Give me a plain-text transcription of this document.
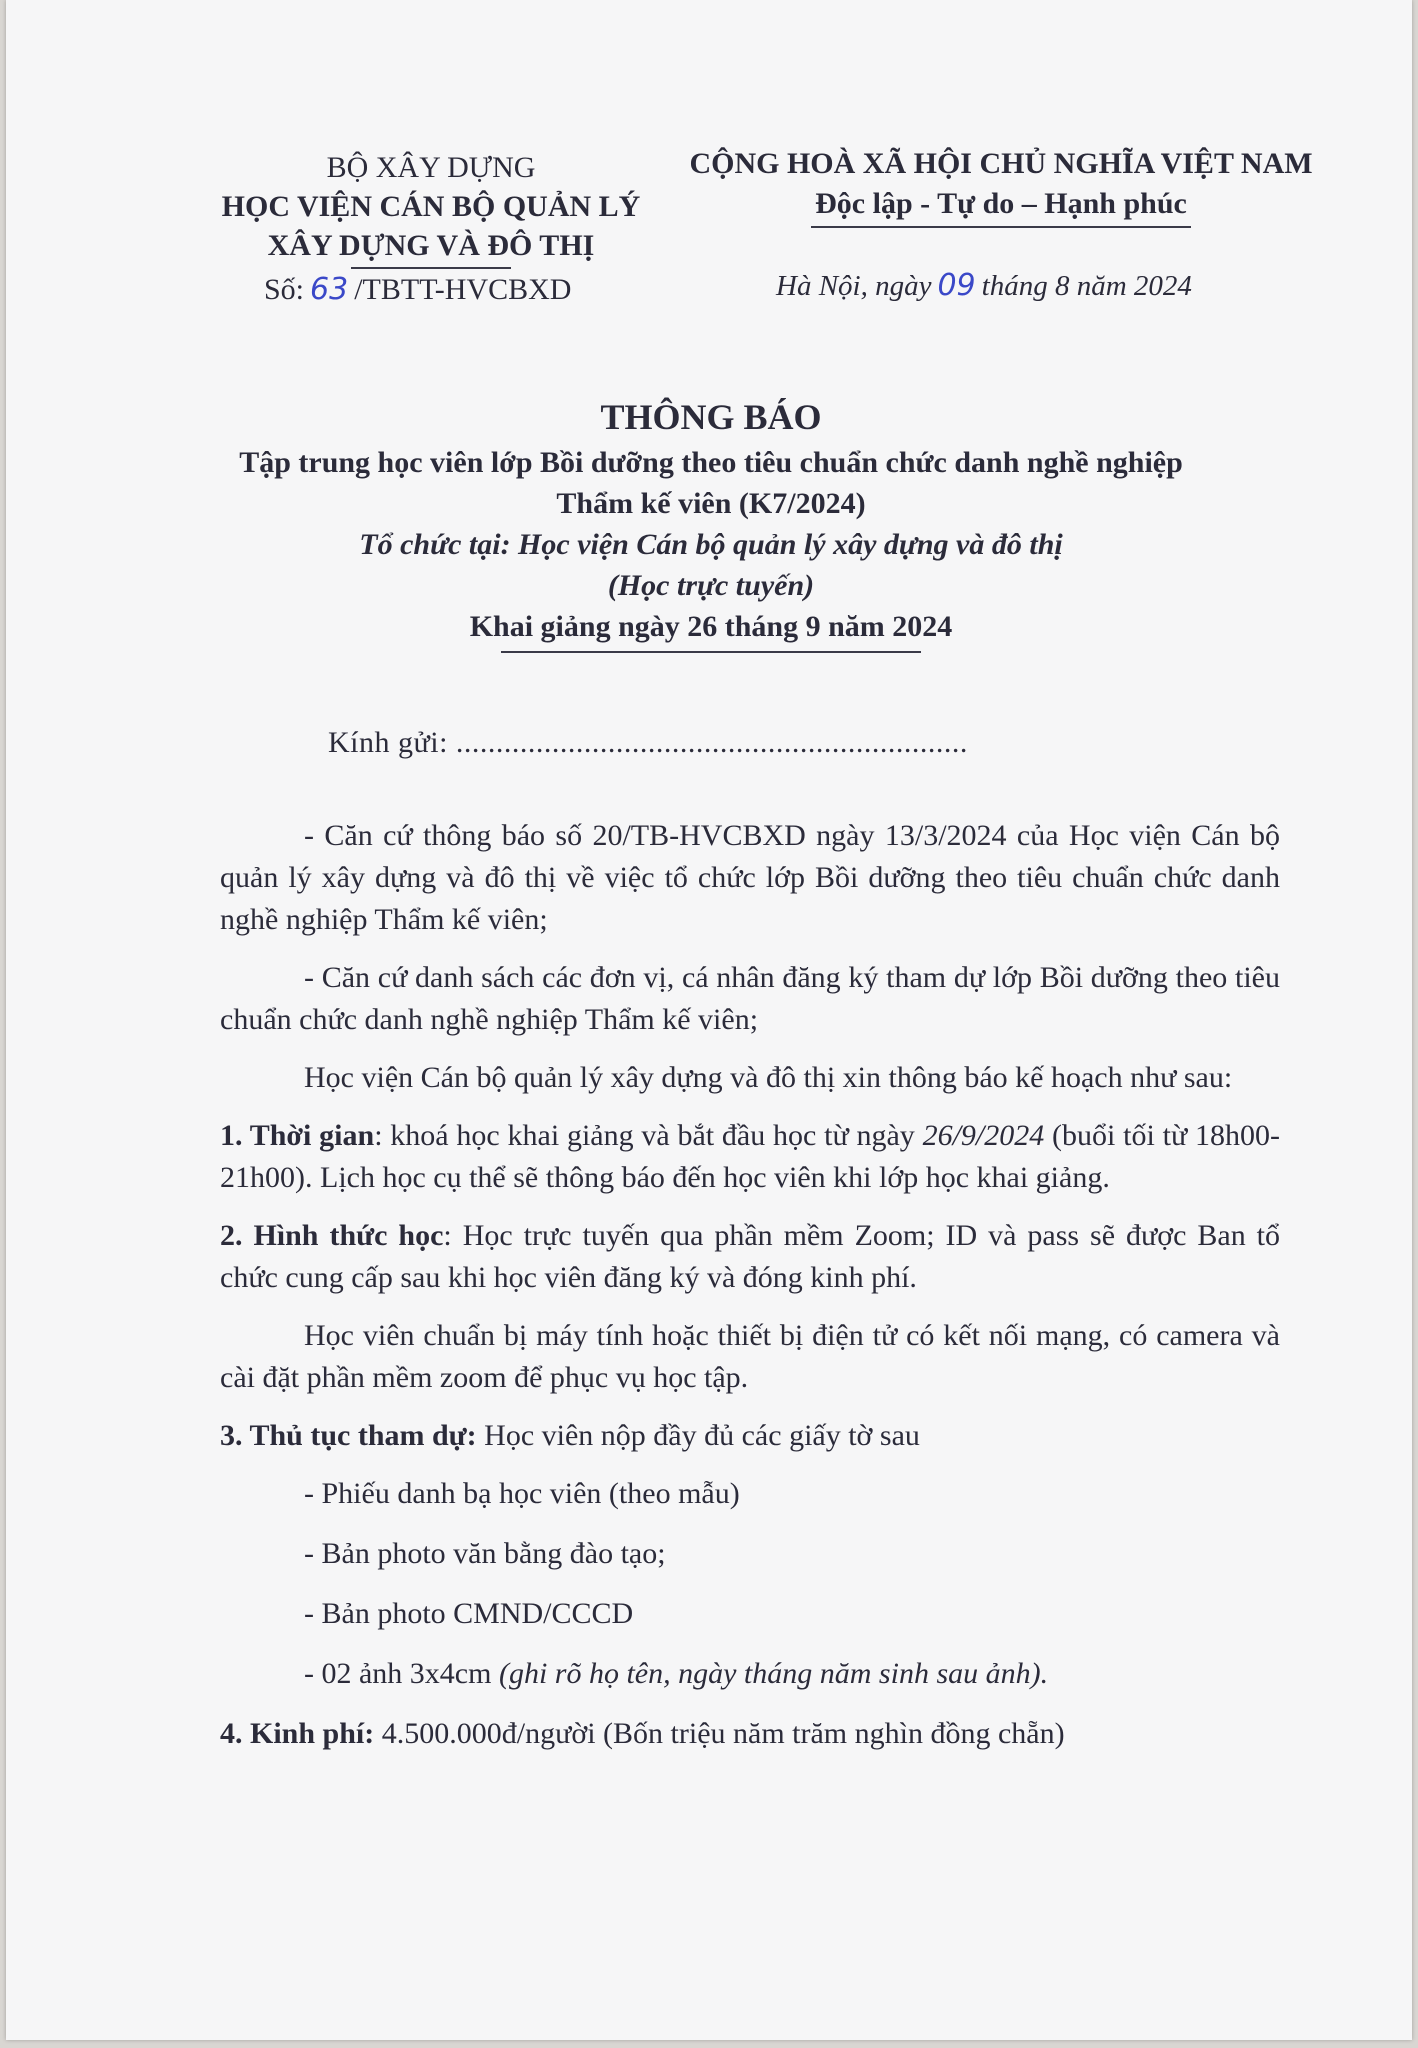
BỘ XÂY DỰNG
HỌC VIỆN CÁN BỘ QUẢN LÝ
XÂY DỰNG VÀ ĐÔ THỊ
CỘNG HOÀ XÃ HỘI CHỦ NGHĨA VIỆT NAM
Độc lập - Tự do – Hạnh phúc
Số: 63 /TBTT-HVCBXD	Hà Nội, ngày 09 tháng 8 năm 2024
THÔNG BÁO
Tập trung học viên lớp Bồi dưỡng theo tiêu chuẩn chức danh nghề nghiệp
Thẩm kế viên (K7/2024)
Tổ chức tại: Học viện Cán bộ quản lý xây dựng và đô thị
(Học trực tuyến)
Khai giảng ngày 26 tháng 9 năm 2024
Kính gửi: ................................................................

- Căn cứ thông báo số 20/TB-HVCBXD ngày 13/3/2024 của Học viện Cán bộ quản lý xây dựng và đô thị về việc tổ chức lớp Bồi dưỡng theo tiêu chuẩn chức danh nghề nghiệp Thẩm kế viên;

- Căn cứ danh sách các đơn vị, cá nhân đăng ký tham dự lớp Bồi dưỡng theo tiêu chuẩn chức danh nghề nghiệp Thẩm kế viên;

Học viện Cán bộ quản lý xây dựng và đô thị xin thông báo kế hoạch như sau:

1. Thời gian: khoá học khai giảng và bắt đầu học từ ngày 26/9/2024 (buổi tối từ 18h00-21h00). Lịch học cụ thể sẽ thông báo đến học viên khi lớp học khai giảng.

2. Hình thức học: Học trực tuyến qua phần mềm Zoom; ID và pass sẽ được Ban tổ chức cung cấp sau khi học viên đăng ký và đóng kinh phí.

Học viên chuẩn bị máy tính hoặc thiết bị điện tử có kết nối mạng, có camera và cài đặt phần mềm zoom để phục vụ học tập.

3. Thủ tục tham dự: Học viên nộp đầy đủ các giấy tờ sau

- Phiếu danh bạ học viên (theo mẫu)

- Bản photo văn bằng đào tạo;

- Bản photo CMND/CCCD

- 02 ảnh 3x4cm (ghi rõ họ tên, ngày tháng năm sinh sau ảnh).

4. Kinh phí: 4.500.000đ/người (Bốn triệu năm trăm nghìn đồng chẵn)
